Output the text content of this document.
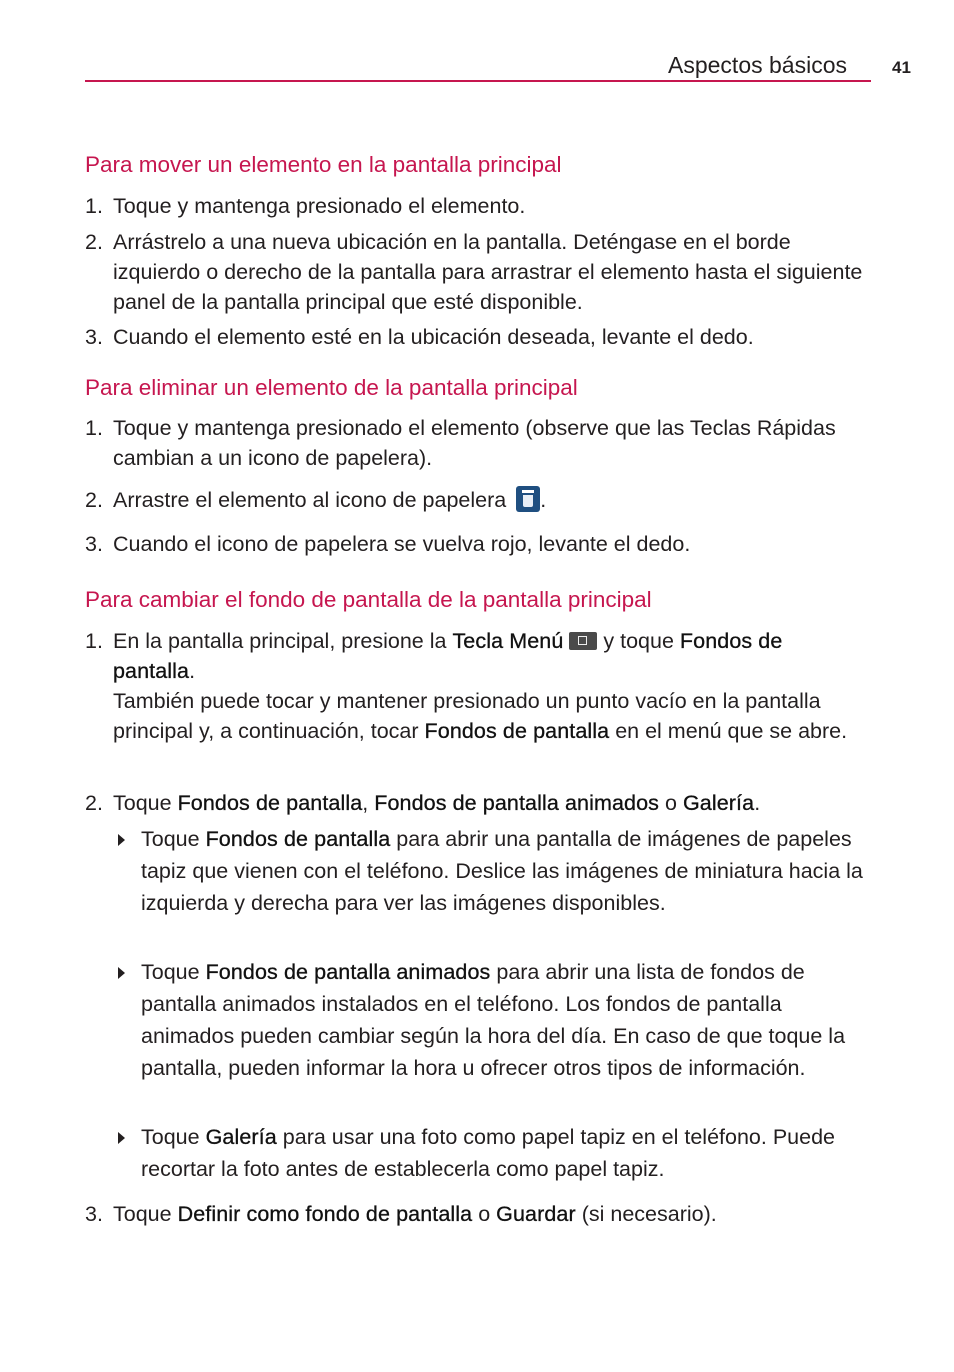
Aspectos básicos	41
Para mover un elemento en la pantalla principal
1. Toque y mantenga presionado el elemento.

2. Arrástrelo a una nueva ubicación en la pantalla. Deténgase en el borde izquierdo o derecho de la pantalla para arrastrar el elemento hasta el siguiente panel de la pantalla principal que esté disponible.

3. Cuando el elemento esté en la ubicación deseada, levante el dedo.

Para eliminar un elemento de la pantalla principal
1. Toque y mantenga presionado el elemento (observe que las Teclas Rápidas cambian a un icono de papelera).

2. Arrastre el elemento al icono de papelera .

3. Cuando el icono de papelera se vuelva rojo, levante el dedo.

Para cambiar el fondo de pantalla de la pantalla principal
1. En la pantalla principal, presione la Tecla Menú y toque Fondos de pantalla.

También puede tocar y mantener presionado un punto vacío en la pantalla principal y, a continuación, tocar Fondos de pantalla en el menú que se abre.

2. Toque Fondos de pantalla, Fondos de pantalla animados o Galería.

Toque Fondos de pantalla para abrir una pantalla de imágenes de papeles tapiz que vienen con el teléfono. Deslice las imágenes de miniatura hacia la izquierda y derecha para ver las imágenes disponibles.

Toque Fondos de pantalla animados para abrir una lista de fondos de pantalla animados instalados en el teléfono. Los fondos de pantalla animados pueden cambiar según la hora del día. En caso de que toque la pantalla, pueden informar la hora u ofrecer otros tipos de información.

Toque Galería para usar una foto como papel tapiz en el teléfono. Puede recortar la foto antes de establecerla como papel tapiz.

3. Toque Definir como fondo de pantalla o Guardar (si necesario).
